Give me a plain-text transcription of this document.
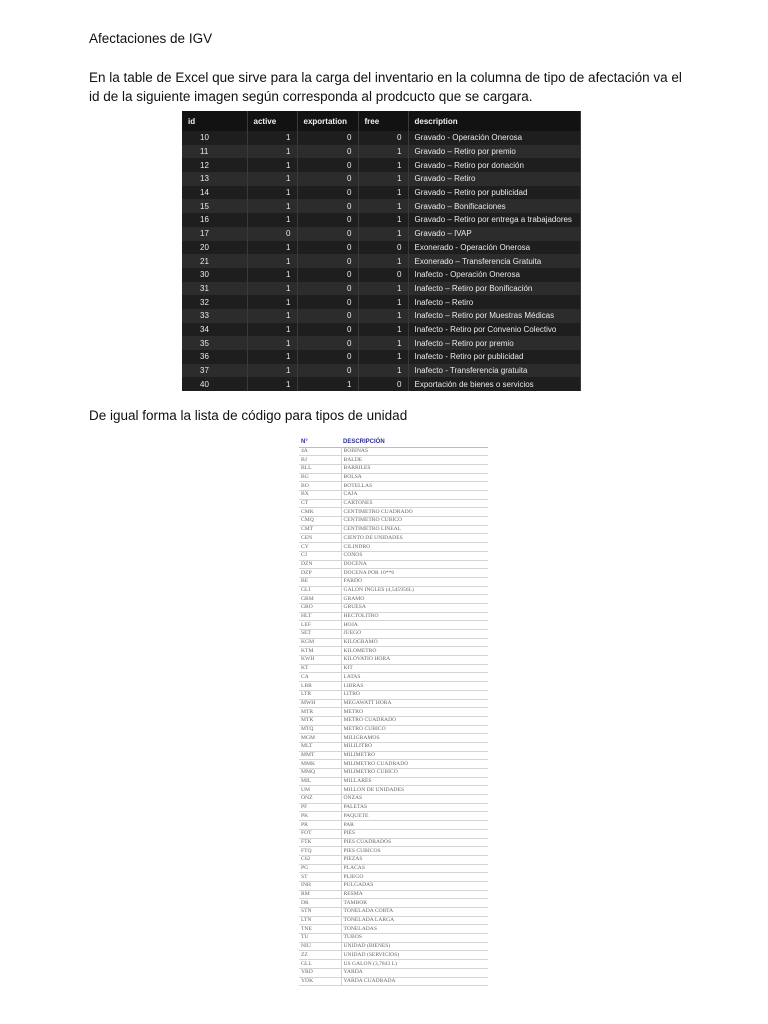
Afectaciones de IGV
En la table de Excel que sirve para la carga del inventario en la columna de tipo de afectación va el id de la siguiente imagen según corresponda al prodcucto que se cargara.
id	active	exportation	free	description
10	1	0	0	Gravado - Operación Onerosa
11	1	0	1	Gravado – Retiro por premio
12	1	0	1	Gravado – Retiro por donación
13	1	0	1	Gravado – Retiro
14	1	0	1	Gravado – Retiro por publicidad
15	1	0	1	Gravado – Bonificaciones
16	1	0	1	Gravado – Retiro por entrega a trabajadores
17	0	0	1	Gravado – IVAP
20	1	0	0	Exonerado - Operación Onerosa
21	1	0	1	Exonerado – Transferencia Gratuita
30	1	0	0	Inafecto - Operación Onerosa
31	1	0	1	Inafecto – Retiro por Bonificación
32	1	0	1	Inafecto – Retiro
33	1	0	1	Inafecto – Retiro por Muestras Médicas
34	1	0	1	Inafecto - Retiro por Convenio Colectivo
35	1	0	1	Inafecto – Retiro por premio
36	1	0	1	Inafecto - Retiro por publicidad
37	1	0	1	Inafecto - Transferencia gratuita
40	1	1	0	Exportación de bienes o servicios
De igual forma la lista de código para tipos de unidad
N°	DESCRIPCIÓN
4A	BOBINAS
BJ	BALDE
BLL	BARRILES
BG	BOLSA
BO	BOTELLAS
BX	CAJA
CT	CARTONES
CMK	CENTIMETRO CUADRADO
CMQ	CENTIMETRO CUBICO
CMT	CENTIMETRO LINEAL
CEN	CIENTO DE UNIDADES
CY	CILINDRO
CJ	CONOS
DZN	DOCENA
DZP	DOCENA POR 10**6
BE	FARDO
GLI	GALON INGLES (4,545956L)
GRM	GRAMO
GRO	GRUESA
HLT	HECTOLITRO
LEF	HOJA
SET	JUEGO
KGM	KILOGRAMO
KTM	KILOMETRO
KWH	KILOVATIO HORA
KT	KIT
CA	LATAS
LBR	LIBRAS
LTR	LITRO
MWH	MEGAWATT HORA
MTR	METRO
MTK	METRO CUADRADO
MTQ	METRO CUBICO
MGM	MILIGRAMOS
MLT	MILILITRO
MMT	MILIMETRO
MMK	MILIMETRO CUADRADO
MMQ	MILIMETRO CUBICO
MIL	MILLARES
UM	MILLON DE UNIDADES
ONZ	ONZAS
PF	PALETAS
PK	PAQUETE
PR	PAR
FOT	PIES
FTK	PIES CUADRADOS
FTQ	PIES CUBICOS
C62	PIEZAS
PG	PLACAS
ST	PLIEGO
INH	PULGADAS
RM	RESMA
DR	TAMBOR
STN	TONELADA CORTA
LTN	TONELADA LARGA
TNE	TONELADAS
TU	TUBOS
NIU	UNIDAD (BIENES)
ZZ	UNIDAD (SERVICIOS)
GLL	US GALON (3,7843 L)
YRD	YARDA
YDK	YARDA CUADRADA
